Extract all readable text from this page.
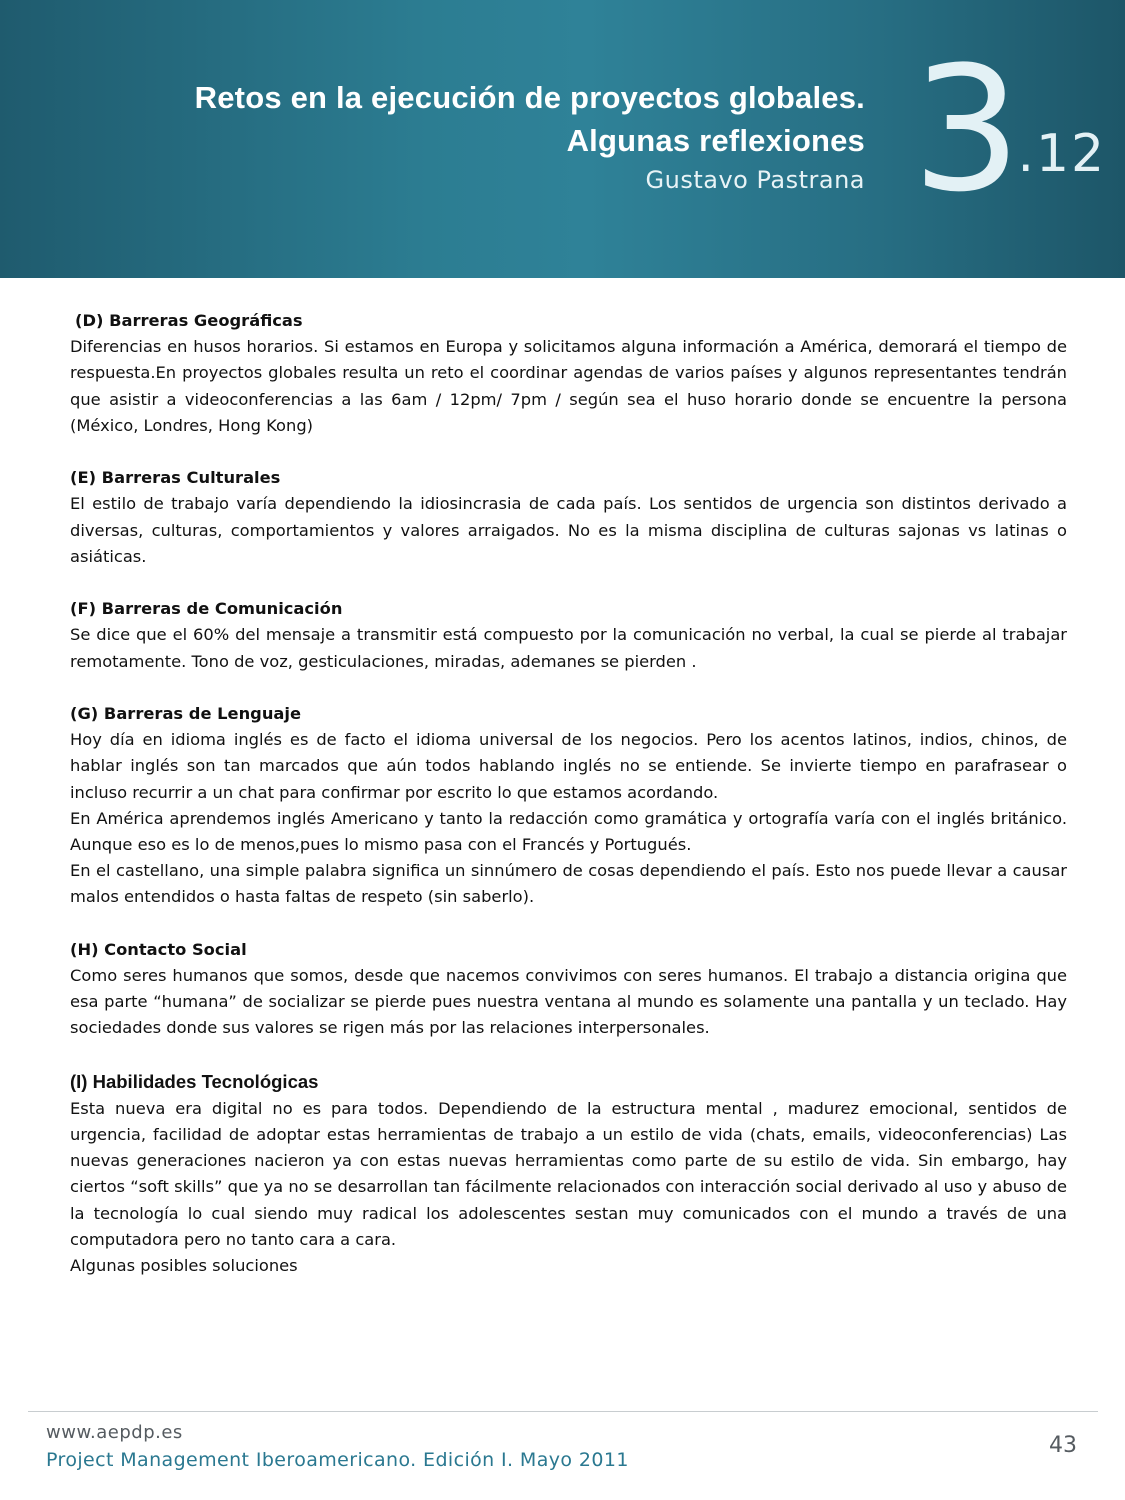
Retos en la ejecución de proyectos globales.
Algunas reflexiones
Gustavo Pastrana 3.12
(D) Barreras Geográficas

Diferencias en husos horarios. Si estamos en Europa y solicitamos alguna información a América, demorará el tiempo de respuesta.En proyectos globales resulta un reto el coordinar agendas de varios países y algunos representantes tendrán que asistir a videoconferencias a las 6am / 12pm/ 7pm / según sea el huso horario donde se encuentre la persona (México, Londres, Hong Kong)

(E) Barreras Culturales

El estilo de trabajo varía dependiendo la idiosincrasia de cada país. Los sentidos de urgencia son distintos derivado a diversas, culturas, comportamientos y valores arraigados. No es la misma disciplina de culturas sajonas vs latinas o asiáticas.

(F) Barreras de Comunicación

Se dice que el 60% del mensaje a transmitir está compuesto por la comunicación no verbal, la cual se pierde al trabajar remotamente. Tono de voz, gesticulaciones, miradas, ademanes se pierden .

(G) Barreras de Lenguaje

Hoy día en idioma inglés es de facto el idioma universal de los negocios. Pero los acentos latinos, indios, chinos, de hablar inglés son tan marcados que aún todos hablando inglés no se entiende. Se invierte tiempo en parafrasear o incluso recurrir a un chat para confirmar por escrito lo que estamos acordando.

En América aprendemos inglés Americano y tanto la redacción como gramática y ortografía varía con el inglés británico. Aunque eso es lo de menos,pues lo mismo pasa con el Francés y Portugués.

En el castellano, una simple palabra significa un sinnúmero de cosas dependiendo el país. Esto nos puede llevar a causar malos entendidos o hasta faltas de respeto (sin saberlo).

(H) Contacto Social

Como seres humanos que somos, desde que nacemos convivimos con seres humanos. El trabajo a distancia origina que esa parte “humana” de socializar se pierde pues nuestra ventana al mundo es solamente una pantalla y un teclado. Hay sociedades donde sus valores se rigen más por las relaciones interpersonales.

(I) Habilidades Tecnológicas

Esta nueva era digital no es para todos. Dependiendo de la estructura mental , madurez emocional, sentidos de urgencia, facilidad de adoptar estas herramientas de trabajo a un estilo de vida (chats, emails, videoconferencias) Las nuevas generaciones nacieron ya con estas nuevas herramientas como parte de su estilo de vida. Sin embargo, hay ciertos “soft skills” que ya no se desarrollan tan fácilmente relacionados con interacción social derivado al uso y abuso de la tecnología lo cual siendo muy radical los adolescentes sestan muy comunicados con el mundo a través de una computadora pero no tanto cara a cara.

Algunas posibles soluciones

www.aepdp.es
Project Management Iberoamericano. Edición I. Mayo 2011
43
